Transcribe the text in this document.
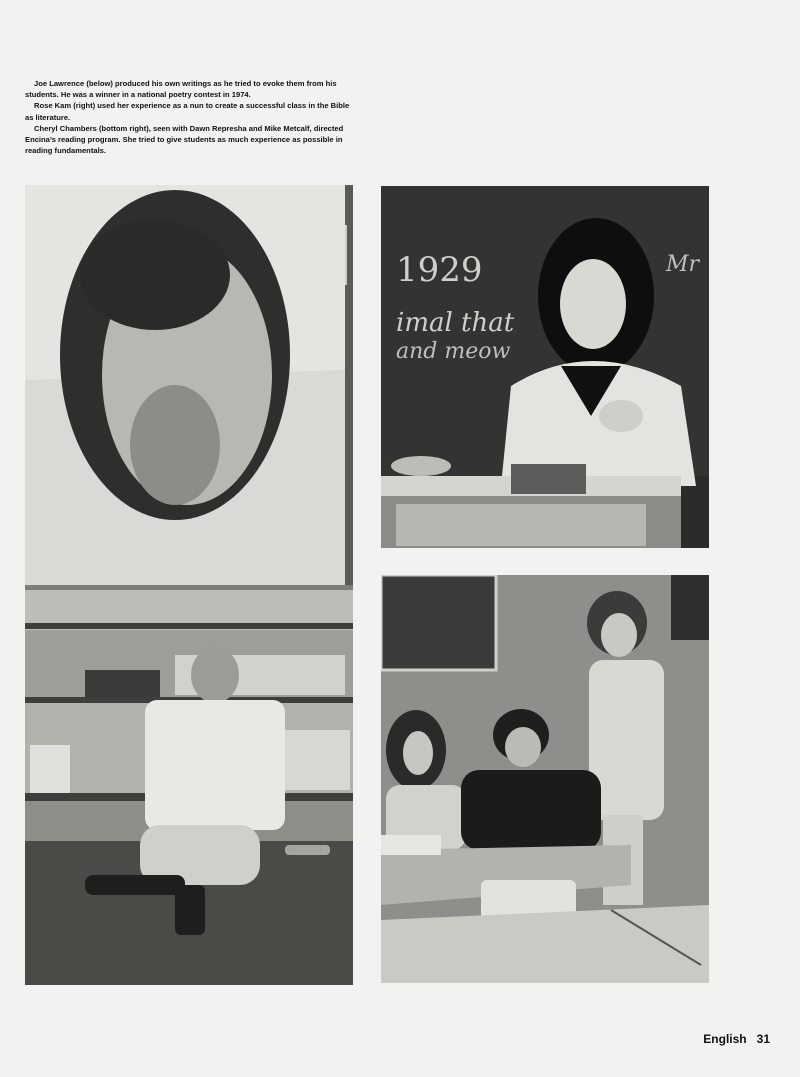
Joe Lawrence (below) produced his own writings as he tried to evoke them from his students. He was a winner in a national poetry contest in 1974.

Rose Kam (right) used her experience as a nun to create a successful class in the Bible as literature.

Cheryl Chambers (bottom right), seen with Dawn Represha and Mike Metcalf, directed Encina’s reading program. She tried to give students as much experience as possible in reading fundamentals.

1929
imal that
and meow
Mr
English 31
